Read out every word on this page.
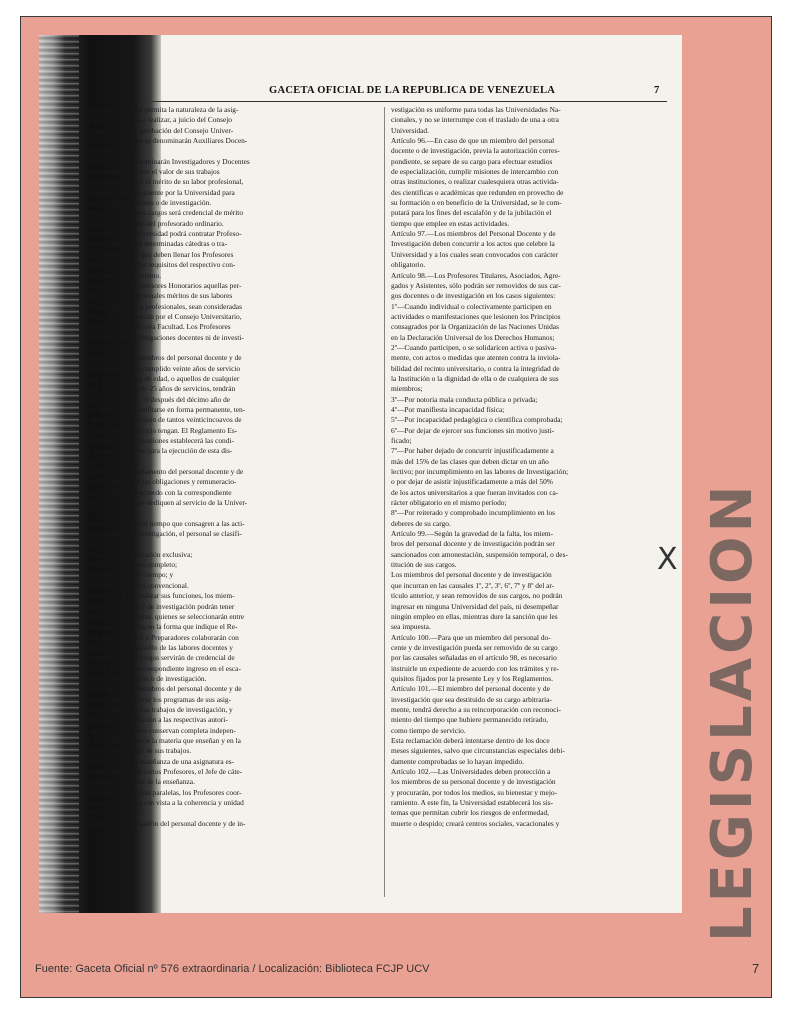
GACETA OFICIAL DE LA REPUBLICA DE VENEZUELA	7
versitarios, cuando lo permita la naturaleza de la asig-
tura o de los trabajos a realizar, a juicio del Consejo
la Facultad y con la aprobación del Consejo Univer-
tario. Tales miembros se denominarán Auxiliares Docen-
s o de Investigación.
Artículo 87.—Se denominarán Investigadores y Docentes
uellas personas que, por el valor de sus trabajos
investigaciones, o por el mérito de su labor profesional,
n encargadas temporalmente por la Universidad para
alizar funciones docentes o de investigación.
El desempeño de estos cargos será credencial de mérito
el ingreso al escalafón del profesorado ordinario.
Artículo 88.—La Universidad podrá contratar Profeso-
o Investigadores para determinadas cátedras o tra-
jos. Las condiciones que deben llenar los Profesores
ntratados, así como los requisitos del respectivo con-
to, los fijará el Reglamento.
Artículo 89.—Son Profesores Honorarios aquellas per-
as que, por los excepcionales méritos de sus labores
entíficas, culturales, o profesionales, sean consideradas
ecedoras de tal distinción por el Consejo Universitario,
propuesta de la respectiva Facultad. Los Profesores
norarios no tendrán obligaciones docentes ni de investi-
ción.
Artículo 90.—Los miembros del personal docente y de
estigación que hayan cumplido veinte años de servicio
tengan 60 ó más años de edad, o aquellos de cualquier
ad que hayan cumplido 25 años de servicios, tendrán
recho a la jubilación. Si después del décimo año de
rvicio llegaren a inhabilitarse en forma permanente, ten-
rán derecho a una pensión de tantos veinticincoavos de
ldo como años de servicio tengan. El Reglamento Es-
al de Jubilaciones y Pensiones establecerá las condi-
es y límites necesarios para la ejecución de esta dis-
ición.
Artículo 91.—El Reglamento del personal docente y de
stigación establecerá las obligaciones y remuneracio-
de sus miembros de acuerdo con la correspondiente
egoría y el tiempo que dediquen al servicio de la Univer-
ad.
Artículo 92.—Según el tiempo que consagren a las acti-
ades docentes o de investigación, el personal se clasifi-
rá en:
a) Profesores de dedicación exclusiva;
b) Profesores a tiempo completo;
c) Profesores a medio tiempo; y
d) Profesores a tiempo convencional.
Artículo 93.—Para realizar sus funciones, los miem-
del personal docente y de investigación podrán tener
yudantes o Preparadores, quienes se seleccionarán entre
estudiantes calificados en la forma que indique el Re-
mento. Los ayudantes o Preparadores colaborarán con
Profesores en el desarrollo de las labores docentes y
investigación. Estos cargos servirán de credencial de
érito a los fines del correspondiente ingreso en el esca-
ón del personal docente o de investigación.
Artículo 94.—Los miembros del personal docente y de
stigación deben elaborar los programas de sus asig-
uras, o los planes de sus trabajos de investigación, y
eterlos para su aprobación a las respectivas autori-
des universitarias, pero conservan completa indepen-
ncia en la exposición de la materia que enseñan y en la
entación y realización de sus trabajos.
En el caso de que la enseñanza de una asignatura es-
viera encomendada a varios Profesores, el Jefe de cáte-
a coordinará la unidad de la enseñanza.
Cuando existan cátedras paralelas, los Profesores coor-
narán sus actividades con vista a la coherencia y unidad
la labor universitaria.
Artículo 95.—El escalafón del personal docente y de in-
vestigación es uniforme para todas las Universidades Na-
cionales, y no se interrumpe con el traslado de una a otra
Universidad.
Artículo 96.—En caso de que un miembro del personal
docente o de investigación, previa la autorización corres-
pondiente, se separe de su cargo para efectuar estudios
de especialización, cumplir misiones de intercambio con
otras instituciones, o realizar cualesquiera otras activida-
des científicas o académicas que redunden en provecho de
su formación o en beneficio de la Universidad, se le com-
putará para los fines del escalafón y de la jubilación el
tiempo que emplee en estas actividades.
Artículo 97.—Los miembros del Personal Docente y de
Investigación deben concurrir a los actos que celebre la
Universidad y a los cuales sean convocados con carácter
obligatorio.
Artículo 98.—Los Profesores Titulares, Asociados, Agre-
gados y Asistentes, sólo podrán ser removidos de sus car-
gos docentes o de investigación en los casos siguientes:
1º—Cuando individual o colectivamente participen en
actividades o manifestaciones que lesionen los Principios
consagrados por la Organización de las Naciones Unidas
en la Declaración Universal de los Derechos Humanos;
2º—Cuando participen, o se solidaricen activa o pasiva-
mente, con actos o medidas que atenten contra la inviola-
bilidad del recinto universitario, o contra la integridad de
la Institución o la dignidad de ella o de cualquiera de sus
miembros;
3º—Por notoria mala conducta pública o privada;
4º—Por manifiesta incapacidad física;
5º—Por incapacidad pedagógica o científica comprobada;
6º—Por dejar de ejercer sus funciones sin motivo justi-
ficado;
7º—Por haber dejado de concurrir injustificadamente a
más del 15% de las clases que deben dictar en un año
lectivo; por incumplimiento en las labores de Investigación;
o por dejar de asistir injustificadamente a más del 50%
de los actos universitarios a que fueran invitados con ca-
rácter obligatorio en el mismo período;
8º—Por reiterado y comprobado incumplimiento en los
deberes de su cargo.
Artículo 99.—Según la gravedad de la falta, los miem-
bros del personal docente y de investigación podrán ser
sancionados con amonestación, suspensión temporal, o des-
titución de sus cargos.
Los miembros del personal docente y de investigación
que incurran en las causales 1º, 2º, 3º, 6º, 7º y 8º del ar-
tículo anterior, y sean removidos de sus cargos, no podrán
ingresar en ninguna Universidad del país, ni desempeñar
ningún empleo en ellas, mientras dure la sanción que les
sea impuesta.
Artículo 100.—Para que un miembro del personal do-
cente y de investigación pueda ser removido de su cargo
por las causales señaladas en el artículo 98, es necesario
instruirle un expediente de acuerdo con los trámites y re-
quisitos fijados por la presente Ley y los Reglamentos.
Artículo 101.—El miembro del personal docente y de
investigación que sea destituido de su cargo arbitraria-
mente, tendrá derecho a su reincorporación con reconoci-
miento del tiempo que hubiere permanecido retirado,
como tiempo de servicio.
Esta reclamación deberá intentarse dentro de los doce
meses siguientes, salvo que circunstancias especiales debi-
damente comprobadas se lo hayan impedido.
Artículo 102.—Las Universidades deben protección a
los miembros de su personal docente y de investigación
y procurarán, por todos los medios, su bienestar y mejo-
ramiento. A este fin, la Universidad establecerá los sis-
temas que permitan cubrir los riesgos de enfermedad,
muerte o despido; creará centros sociales, vacacionales y
X LEGISLACION
Fuente: Gaceta Oficial nº 576 extraordinaria / Localización: Biblioteca FCJP UCV	7
